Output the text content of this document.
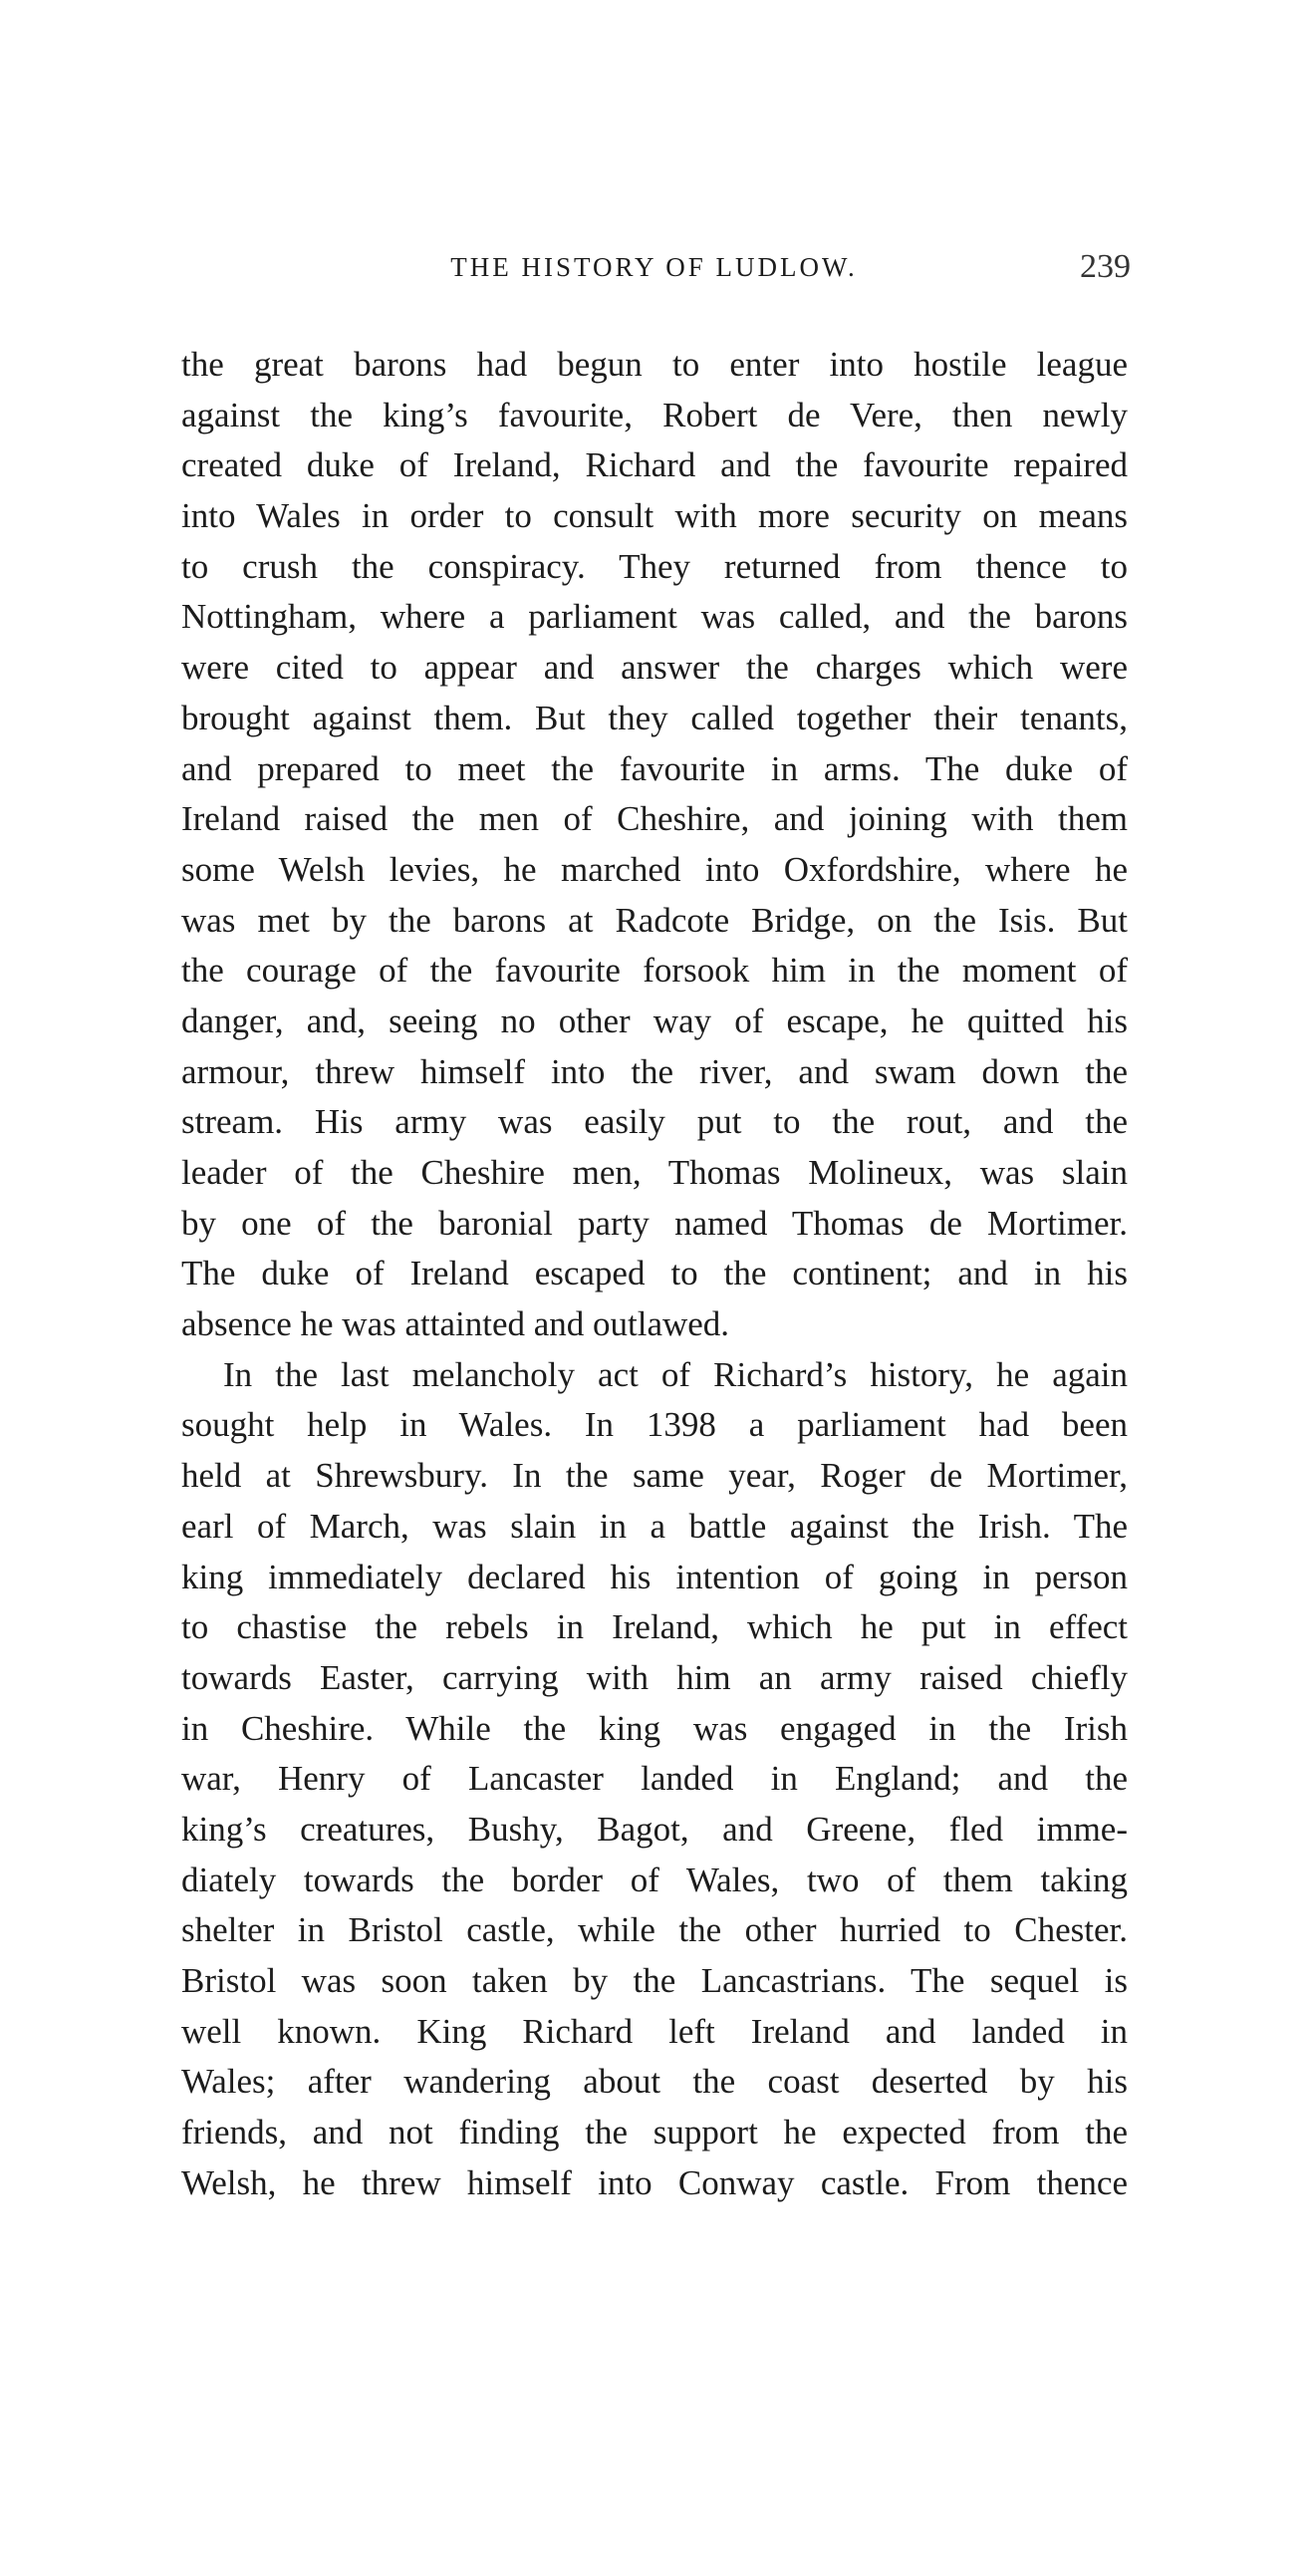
THE HISTORY OF LUDLOW.	239
the great barons had begun to enter into hostile league
against the king’s favourite, Robert de Vere, then newly
created duke of Ireland, Richard and the favourite repaired
into Wales in order to consult with more security on means
to crush the conspiracy. They returned from thence to
Nottingham, where a parliament was called, and the barons
were cited to appear and answer the charges which were
brought against them. But they called together their tenants,
and prepared to meet the favourite in arms. The duke of
Ireland raised the men of Cheshire, and joining with them
some Welsh levies, he marched into Oxfordshire, where he
was met by the barons at Radcote Bridge, on the Isis. But
the courage of the favourite forsook him in the moment of
danger, and, seeing no other way of escape, he quitted his
armour, threw himself into the river, and swam down the
stream. His army was easily put to the rout, and the
leader of the Cheshire men, Thomas Molineux, was slain
by one of the baronial party named Thomas de Mortimer.
The duke of Ireland escaped to the continent; and in his
absence he was attainted and outlawed.
In the last melancholy act of Richard’s history, he again
sought help in Wales. In 1398 a parliament had been
held at Shrewsbury. In the same year, Roger de Mortimer,
earl of March, was slain in a battle against the Irish. The
king immediately declared his intention of going in person
to chastise the rebels in Ireland, which he put in effect
towards Easter, carrying with him an army raised chiefly
in Cheshire. While the king was engaged in the Irish
war, Henry of Lancaster landed in England; and the
king’s creatures, Bushy, Bagot, and Greene, fled imme-
diately towards the border of Wales, two of them taking
shelter in Bristol castle, while the other hurried to Chester.
Bristol was soon taken by the Lancastrians. The sequel is
well known. King Richard left Ireland and landed in
Wales; after wandering about the coast deserted by his
friends, and not finding the support he expected from the
Welsh, he threw himself into Conway castle. From thence
